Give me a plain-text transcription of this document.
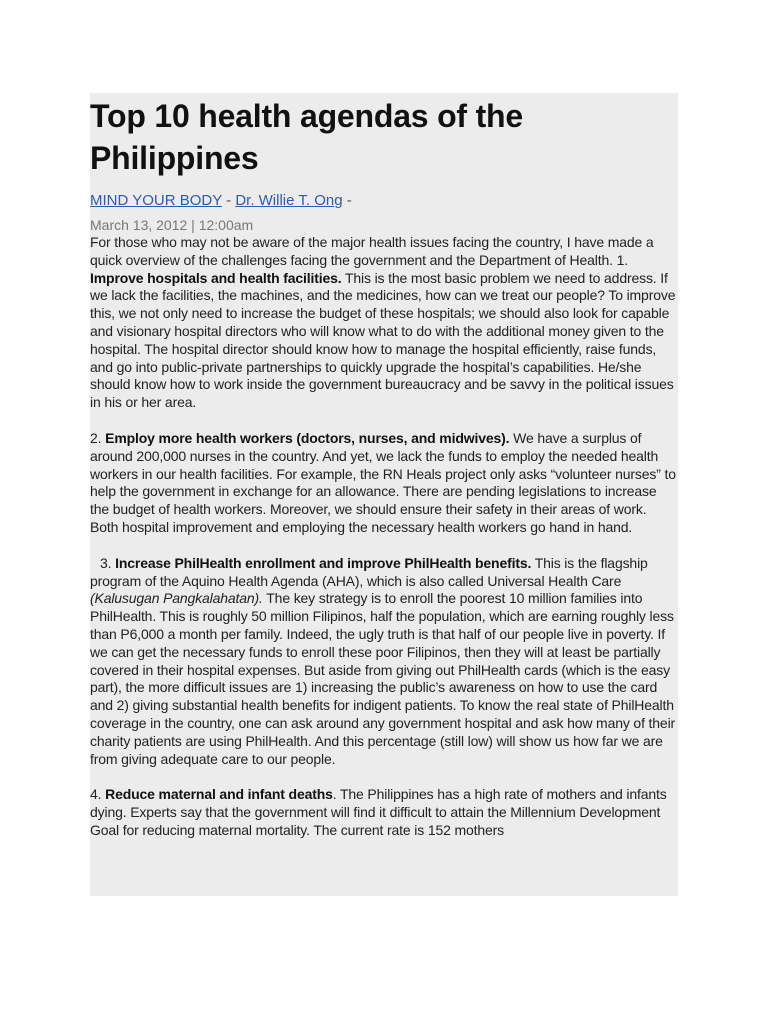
Top 10 health agendas of the Philippines
MIND YOUR BODY - Dr. Willie T. Ong -
March 13, 2012 | 12:00am

For those who may not be aware of the major health issues facing the country, I have made a quick overview of the challenges facing the government and the Department of Health. 1. Improve hospitals and health facilities. This is the most basic problem we need to address. If we lack the facilities, the machines, and the medicines, how can we treat our people? To improve this, we not only need to increase the budget of these hospitals; we should also look for capable and visionary hospital directors who will know what to do with the additional money given to the hospital. The hospital director should know how to manage the hospital efficiently, raise funds, and go into public-private partnerships to quickly upgrade the hospital’s capabilities. He/she should know how to work inside the government bureaucracy and be savvy in the political issues in his or her area.

2. Employ more health workers (doctors, nurses, and midwives). We have a surplus of around 200,000 nurses in the country. And yet, we lack the funds to employ the needed health workers in our health facilities. For example, the RN Heals project only asks “volunteer nurses” to help the government in exchange for an allowance. There are pending legislations to increase the budget of health workers. Moreover, we should ensure their safety in their areas of work. Both hospital improvement and employing the necessary health workers go hand in hand.

3. Increase PhilHealth enrollment and improve PhilHealth benefits. This is the flagship program of the Aquino Health Agenda (AHA), which is also called Universal Health Care (Kalusugan Pangkalahatan). The key strategy is to enroll the poorest 10 million families into PhilHealth. This is roughly 50 million Filipinos, half the population, which are earning roughly less than P6,000 a month per family. Indeed, the ugly truth is that half of our people live in poverty. If we can get the necessary funds to enroll these poor Filipinos, then they will at least be partially covered in their hospital expenses. But aside from giving out PhilHealth cards (which is the easy part), the more difficult issues are 1) increasing the public’s awareness on how to use the card and 2) giving substantial health benefits for indigent patients. To know the real state of PhilHealth coverage in the country, one can ask around any government hospital and ask how many of their charity patients are using PhilHealth. And this percentage (still low) will show us how far we are from giving adequate care to our people.

4. Reduce maternal and infant deaths. The Philippines has a high rate of mothers and infants dying. Experts say that the government will find it difficult to attain the Millennium Development Goal for reducing maternal mortality. The current rate is 152 mothers
